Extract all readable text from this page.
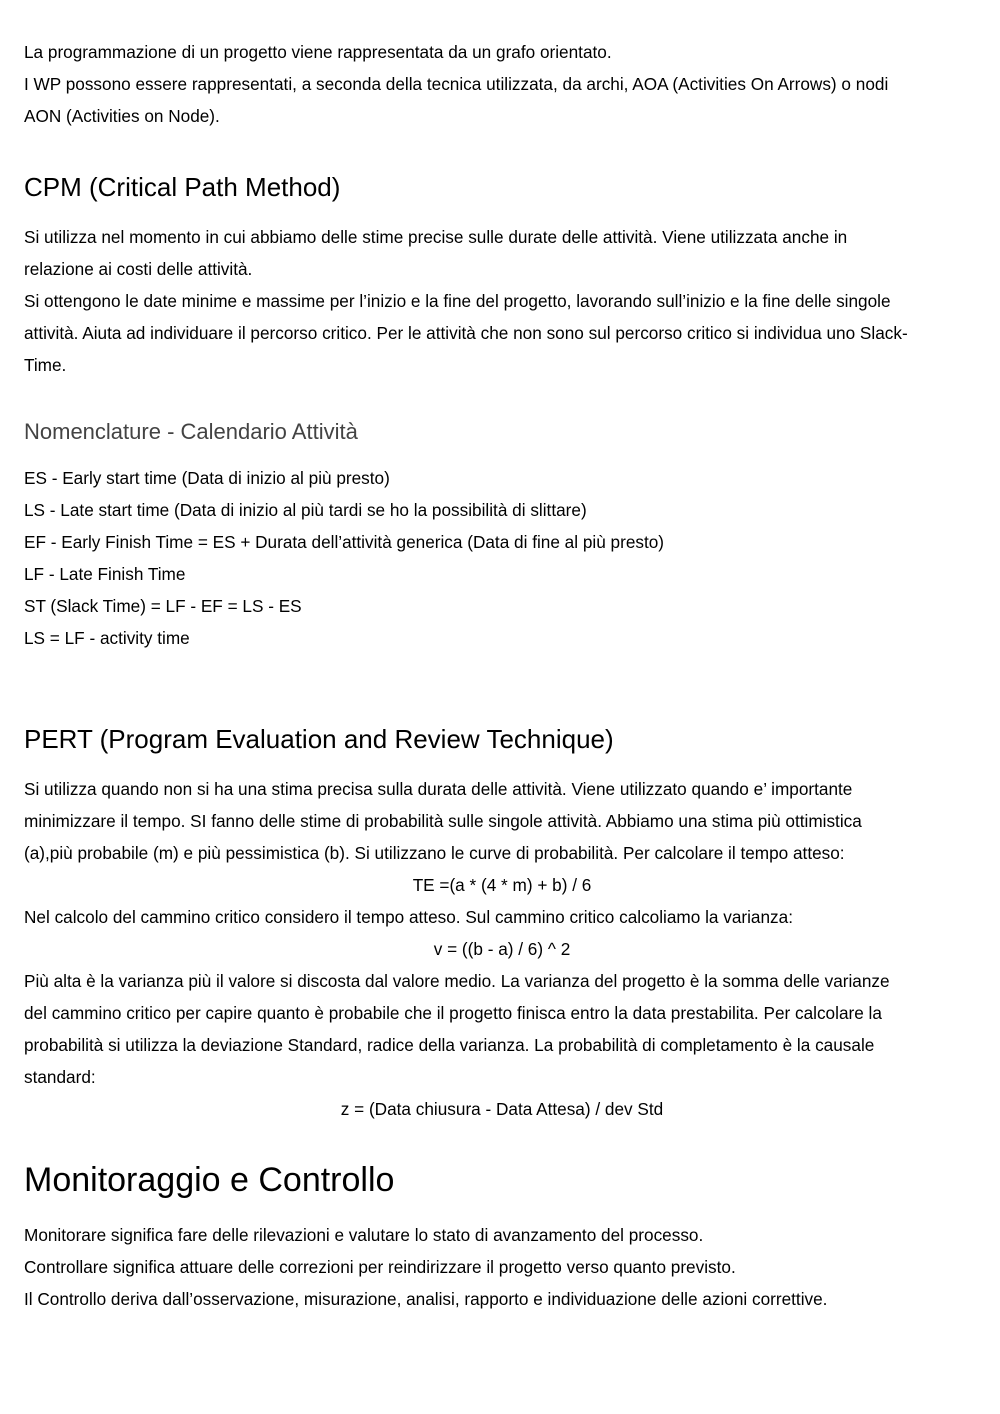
La programmazione di un progetto viene rappresentata da un grafo orientato.

I WP possono essere rappresentati, a seconda della tecnica utilizzata, da archi, AOA (Activities On Arrows) o nodi

AON (Activities on Node).

CPM (Critical Path Method)

Si utilizza nel momento in cui abbiamo delle stime precise sulle durate delle attività. Viene utilizzata anche in

relazione ai costi delle attività.

Si ottengono le date minime e massime per l’inizio e la fine del progetto, lavorando sull’inizio e la fine delle singole

attività. Aiuta ad individuare il percorso critico. Per le attività che non sono sul percorso critico si individua uno Slack-

Time.

Nomenclature - Calendario Attività

ES - Early start time (Data di inizio al più presto)

LS - Late start time (Data di inizio al più tardi se ho la possibilità di slittare)

EF - Early Finish Time = ES + Durata dell’attività generica (Data di fine al più presto)

LF - Late Finish Time

ST (Slack Time) = LF - EF = LS - ES

LS = LF - activity time

PERT (Program Evaluation and Review Technique)

Si utilizza quando non si ha una stima precisa sulla durata delle attività. Viene utilizzato quando e’ importante

minimizzare il tempo. SI fanno delle stime di probabilità sulle singole attività. Abbiamo una stima più ottimistica

(a),più probabile (m) e più pessimistica (b). Si utilizzano le curve di probabilità. Per calcolare il tempo atteso:

TE =(a * (4 * m) + b) / 6

Nel calcolo del cammino critico considero il tempo atteso. Sul cammino critico calcoliamo la varianza:

v = ((b - a) / 6) ^ 2

Più alta è la varianza più il valore si discosta dal valore medio. La varianza del progetto è la somma delle varianze

del cammino critico per capire quanto è probabile che il progetto finisca entro la data prestabilita. Per calcolare la

probabilità si utilizza la deviazione Standard, radice della varianza. La probabilità di completamento è la causale

standard:

z = (Data chiusura - Data Attesa) / dev Std

Monitoraggio e Controllo

Monitorare significa fare delle rilevazioni e valutare lo stato di avanzamento del processo.

Controllare significa attuare delle correzioni per reindirizzare il progetto verso quanto previsto.

Il Controllo deriva dall’osservazione, misurazione, analisi, rapporto e individuazione delle azioni correttive.
